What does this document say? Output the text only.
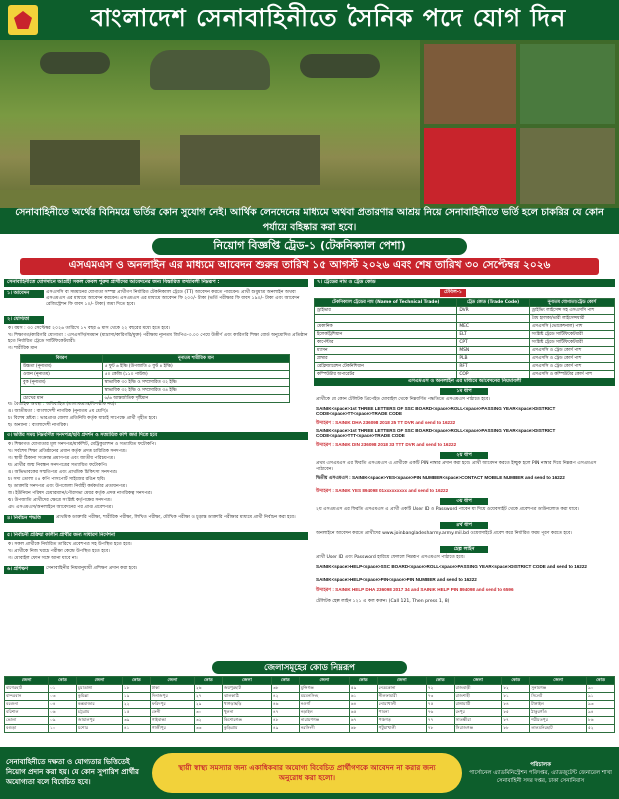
বাংলাদেশ সেনাবাহিনীতে সৈনিক পদে যোগ দিন
সেনাবাহিনীতে অর্থের বিনিময়ে ভর্তির কোন সুযোগ নেই। আর্থিক লেনদেনের মাধ্যমে অথবা প্রতারণার আশ্রয় নিয়ে সেনাবাহিনীতে ভর্তি হলে চাকরির যে কোন পর্যায়ে বহিষ্কার করা হবে।
নিয়োগ বিজ্ঞপ্তি ট্রেড-১ (টেকনিক্যাল পেশা)
এসএমএস ও অনলাইন এর মাধ্যমে আবেদন শুরুর তারিখ ১৫ আগস্ট ২০২৬ এবং শেষ তারিখ ৩০ সেপ্টেম্বর ২০২৬
সেনাবাহিনীতে যোগদানে আগ্রহী সকল কেবল পুরুষ প্রার্থীদের আবেদনের জন্য বিস্তারিত তথ্যাবলী নিম্নরূপ :
১। আবেদন	এসএসসি বা সমমানের যোগ্যতা সম্পন্ন প্রার্থীগণ নির্ধারিত টেকনিক্যাল ট্রেডে (TT) আবেদন করতে পারবেন। প্রার্থী শুধুমাত্র অনলাইন অথবা এসএমএস এর মাধ্যমে আবেদন করবেন। এসএমএস এর মাধ্যমে আবেদন ফি ২০০/- টাকা (ভর্তি পরীক্ষার ফি বাবদ ১৯০/- টাকা এবং আবেদন রেজিস্ট্রেশন ফি বাবদ ১০/- টাকা) জমা দিতে হবে।
২। যোগ্যতা
ক। বয়স : ৩০ সেপ্টেম্বর ২০২৬ তারিখে ১৭ বছর ৬ মাস থেকে ২২ বছরের মধ্যে হতে হবে।
খ। শিক্ষাগত/কারিগরি যোগ্যতা : এসএসসি/সমমান (মাদ্রাসা/কারিগরি/মুক্ত) পরীক্ষায় ন্যূনতম জিপিএ-৩.০০ পেয়ে উত্তীর্ণ এবং কারিগরি শিক্ষা বোর্ড অনুমোদিত প্রতিষ্ঠান হতে নির্ধারিত ট্রেডে সার্টিফিকেটধারী।
গ। শারীরিক মান
বিবরণ	নূন্যতম শারীরিক মান
উচ্চতা (নূন্যতম)	৫ ফুট ৬ ইঞ্চি (উপজাতি ৫ ফুট ৪ ইঞ্চি)
ওজন (নূন্যতম)	৫০ কেজি (১১০ পাউন্ড)
বুক (নূন্যতম)	স্বাভাবিক ৩০ ইঞ্চি ও সম্প্রসারিত ৩২ ইঞ্চি
	স্বাভাবিক ৩২ ইঞ্চি ও সম্প্রসারিত ৩৪ ইঞ্চি
চোখের মান	৬/৬ আন্তর্জাতিক দৃষ্টিমান
ঘ। বৈবাহিক অবস্থা : অবিবাহিত (তালাকপ্রাপ্ত/বিপত্নীক নয়)।
ঙ। জাতীয়তা : বাংলাদেশী নাগরিক (নূন্যতম ৫ম শ্রেণি)।
চ। বিশেষ দ্রষ্টব্য : ভারপ্রাপ্ত জেলা প্রতিনিধি কর্তৃক যাচাই সাপেক্ষে প্রার্থী গৃহীত হবে।
ছ। অন্যান্য : বাংলাদেশী নাগরিক।
৩। ভর্তির সময় নিম্নবর্ণিত সনদপত্র/ছবি প্রদর্শন ও সত্যায়িত কপি জমা দিতে হবে
ক। শিক্ষাগত যোগ্যতার মূল সনদপত্র/মার্কশিট, মেট্রিকুলেশন ও সত্যায়িত ফটোকপি।
খ। সর্বশেষ শিক্ষা প্রতিষ্ঠানের প্রধান কর্তৃক প্রদত্ত চারিত্রিক সনদপত্র।
গ। স্থায়ী ঠিকানা সংক্রান্ত প্রমাণপত্র এবং জাতীয় পরিচয়পত্র।
ঘ। প্রার্থীর জন্ম নিবন্ধন সনদপত্রের সত্যায়িত ফটোকপি।
ঙ। অভিভাবকের সম্মতিপত্র এবং প্রাথমিক চিকিৎসা সনদপত্র।
চ। সদ্য তোলা ০৪ কপি পাসপোর্ট সাইজের রঙিন ছবি।
ছ। ডাক্তারি সনদপত্র এবং উপজেলা নির্বাহী কর্মকর্তার প্রত্যয়নপত্র।
জ। ইউনিয়ন পরিষদ চেয়ারম্যান/পৌরসভা মেয়র কর্তৃক প্রদত্ত নাগরিকত্ব সনদপত্র।
ঝ। উপজাতি প্রার্থীদের ক্ষেত্রে সংশ্লিষ্ট কর্তৃপক্ষের সনদপত্র।
ঞ। এসএমএস/অনলাইনে আবেদনের পর প্রাপ্ত প্রবেশপত্র।
৪। নির্বাচন পদ্ধতি	প্রাথমিক ডাক্তারি পরীক্ষা, শারীরিক পরীক্ষা, লিখিত পরীক্ষা, মৌখিক পরীক্ষা ও চূড়ান্ত ডাক্তারি পরীক্ষার মাধ্যমে প্রার্থী নির্বাচন করা হবে।
৫। নির্বাচনী প্রক্রিয়া কালীন প্রার্থীর জন্য সাধারণ নির্দেশনা
ক। সকল প্রার্থীকে নির্ধারিত তারিখে প্রবেশপত্র সহ উপস্থিত হতে হবে।
খ। প্রার্থীকে নিজ খরচে পরীক্ষা কেন্দ্রে উপস্থিত হতে হবে।
গ। মোবাইল ফোন সঙ্গে আনা যাবে না।
৬। প্রশিক্ষণ	সেনাবাহিনীর নিয়মানুযায়ী প্রশিক্ষণ প্রদান করা হবে।
৭। ট্রেডের নাম ও ট্রেড কোড
টেবিল-১
টেকনিক্যাল ট্রেডের নাম (Name of Technical Trade)	ট্রেড কোড (Trade Code)	নূন্যতম যোগ্যতা/ট্রেড কোর্স
ড্রাইভার	DVR	ড্রাইভিং লাইসেন্স সহ এসএসসি পাশ
		বৈধ হালকা/ভারী লাইসেন্সধারী
মেকানিক	MEC	এসএসসি (ভোকেশনাল) পাশ
ইলেকট্রিশিয়ান	ELT	সংশ্লিষ্ট ট্রেডে সার্টিফিকেটধারী
কার্পেন্টার	CPT	সংশ্লিষ্ট ট্রেডে সার্টিফিকেটধারী
ম্যাসন	MSN	এসএসসি ও ট্রেড কোর্স পাশ
প্লাম্বার	PLB	এসএসসি ও ট্রেড কোর্স পাশ
রেফ্রিজারেশন টেকনিশিয়ান	RFT	এসএসসি ও ট্রেড কোর্স পাশ
কম্পিউটার অপারেটর	COP	এসএসসি ও কম্পিউটার কোর্স পাশ
এসএমএস ও অনলাইন এর মাধ্যমে আবেদনের নিয়মাবলী
১ম ধাপ
প্রার্থীকে যে কোন টেলিটক প্রিপেইড মোবাইল থেকে নিম্নবর্ণিত পদ্ধতিতে এসএমএস পাঠাতে হবে।
SAINIK<space>1st THREE LETTERS OF SSC BOARD<space>ROLL<space>PASSING YEAR<space>DISTRICT CODE<space>TT<space>TRADE CODE
উদাহরণ : SAINIK DHA 236098 2018 25 TT DVR and send to 16222
SAINIK<space>1st THREE LETTERS OF SSC BOARD<space>ROLL<space>PASSING YEAR<space>DISTRICT CODE<space>TTT<space>TRADE CODE
উদাহরণ : SAINIK DIN 236098 2018 33 TTT DVR and send to 16222
২য় ধাপ
প্রথম এসএমএস এর ফিরতি এসএমএস এ প্রার্থীকে একটি PIN নাম্বার প্রদান করা হবে। প্রার্থী আবেদন করতে ইচ্ছুক হলে PIN নাম্বার দিয়ে নিম্নরূপ এসএমএস পাঠাবেন।
দ্বিতীয় এসএমএস : SAINIK<space>YES<space>PIN NUMBER<space>CONTACT MOBILE NUMBER and send to 16222
উদাহরণ : SAINIK YES 894098 01xxxxxxxxx and send to 16222
৩য় ধাপ
২য় এসএমএস এর ফিরতি এসএমএস এ প্রার্থী একটি User ID ও Password পাবেন যা দিয়ে ওয়েবসাইট থেকে প্রবেশপত্র ডাউনলোড করা যাবে।
৪র্থ ধাপ
অনলাইনে আবেদন করতে প্রার্থীদের www.joinbangladesharmy.army.mil.bd ওয়েবসাইটে প্রবেশ করে নির্ধারিত ফরম পূরণ করতে হবে।
হেল্প লাইন
প্রার্থী User ID এবং Password হারিয়ে ফেললে নিম্নরূপ এসএমএস পাঠাতে হবে।
SAINIK<space>HELP<space>SSC BOARD<space>ROLL<space>PASSING YEAR<space>DISTRICT CODE and send to 16222
SAINIK<space>HELP<space>PIN<space>PIN NUMBER and send to 16222
উদাহরণ : SAINIK HELP DHA 236098 2017 34 and SAINIK HELP PIN 894098 and send to 6596
টেলিটক হেল্প লাইন ১২১ এ কল করুন। (Call 121, Then press 1, 8)
জেলাসমূহের কোড নিম্নরূপ
জেলা	কোড	জেলা	কোড	জেলা	কোড	জেলা	কোড	জেলা	কোড	জেলা	কোড	জেলা	কোড	জেলা	কোড
বাগেরহাট	০১	চুয়াডাঙ্গা	১৮	ঢাকা	২৬	জয়পুরহাট	৩৮	মুন্সিগঞ্জ	৫৯	নেত্রকোনা	৭২	রাজবাড়ী	৮২	সুনামগঞ্জ	৯০
বান্দরবান	০৩	কুমিল্লা	১৯	দিনাজপুর	২৭	ঝালকাঠি	৪২	ময়মনসিংহ	৬১	নীলফামারী	৭৩	রাজশাহী	৮১	সিলেট	৯১
বরগুনা	০৪	কক্সবাজার	২২	ফরিদপুর	২৯	খাগড়াছড়ি	৪৬	নওগাঁ	৬৪	নোয়াখালী	৭৫	রাঙ্গামাটি	৮৪	টাঙ্গাইল	৯৩
বরিশাল	০৬	চট্টগ্রাম	১৫	ফেনী	৩০	খুলনা	৪৭	নড়াইল	৬৫	পাবনা	৭৬	রংপুর	৮৫	ঠাকুরগাঁও	৯৪
ভোলা	০৯	জামালপুর	৩৯	গাইবান্ধা	৩২	কিশোরগঞ্জ	৪৮	নারায়ণগঞ্জ	৬৭	পঞ্চগড়	৭৭	সাতক্ষীরা	৮৭	শরীয়তপুর	৮৬
বগুড়া	১০	যশোর	৪১	গাজীপুর	৩৩	কুড়িগ্রাম	৪৯	নরসিংদী	৬৮	পটুয়াখালী	৭৮	সিরাজগঞ্জ	৮৮	লালমনিরহাট	৫২
সেনাবাহিনীতে দক্ষতা ও যোগ্যতার ভিত্তিতেই নিয়োগ প্রদান করা হয়। যে কোন সুপারিশ প্রার্থীর অযোগ্যতা বলে বিবেচিত হবে।
স্থায়ী স্বাস্থ্য সমস্যার জন্য একাধিকবার অযোগ্য বিবেচিত প্রার্থীগণকে আবেদন না করার জন্য অনুরোধ করা হলো।
পরিচালক
পার্সোনেল এ্যাডমিনিস্ট্রেশন পরিদপ্তর, এ্যাডজুটেন্ট জেনারেল শাখা সেনাবাহিনী সদর দপ্তর, ঢাকা সেনানিবাস
